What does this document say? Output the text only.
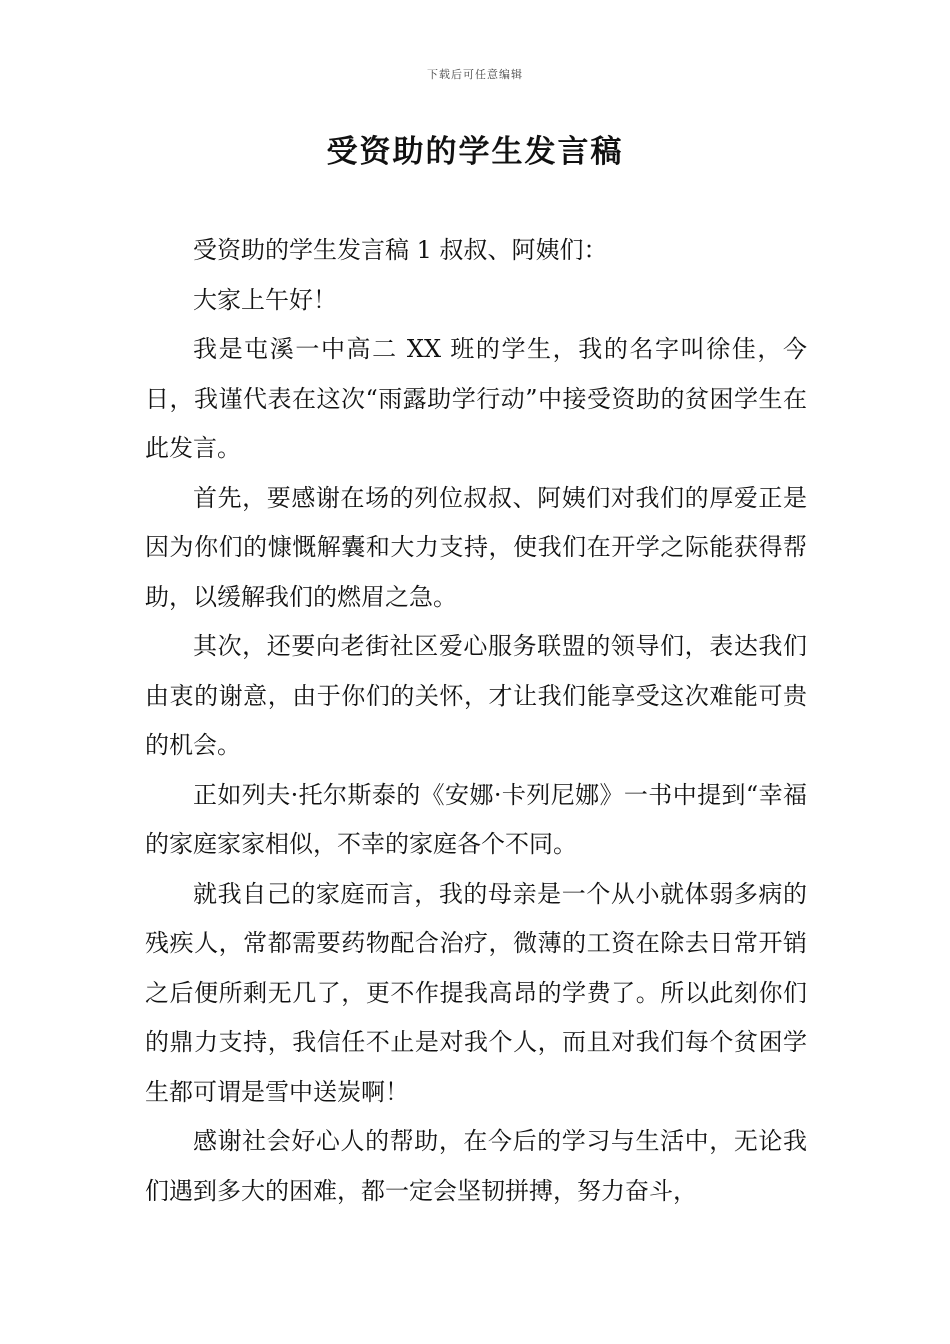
下载后可任意编辑
受资助的学生发言稿

受资助的学生发言稿 1 叔叔、阿姨们：

大家上午好！

我是屯溪一中高二 XX 班的学生，我的名字叫徐佳，今日，我谨代表在这次“雨露助学行动”中接受资助的贫困学生在此发言。

首先，要感谢在场的列位叔叔、阿姨们对我们的厚爱正是因为你们的慷慨解囊和大力支持，使我们在开学之际能获得帮助，以缓解我们的燃眉之急。

其次，还要向老街社区爱心服务联盟的领导们，表达我们由衷的谢意，由于你们的关怀，才让我们能享受这次难能可贵的机会。

正如列夫·托尔斯泰的《安娜·卡列尼娜》一书中提到“幸福的家庭家家相似，不幸的家庭各个不同。

就我自己的家庭而言，我的母亲是一个从小就体弱多病的残疾人，常都需要药物配合治疗，微薄的工资在除去日常开销之后便所剩无几了，更不作提我高昂的学费了。所以此刻你们的鼎力支持，我信任不止是对我个人，而且对我们每个贫困学生都可谓是雪中送炭啊！

感谢社会好心人的帮助，在今后的学习与生活中，无论我们遇到多大的困难，都一定会坚韧拼搏，努力奋斗，
